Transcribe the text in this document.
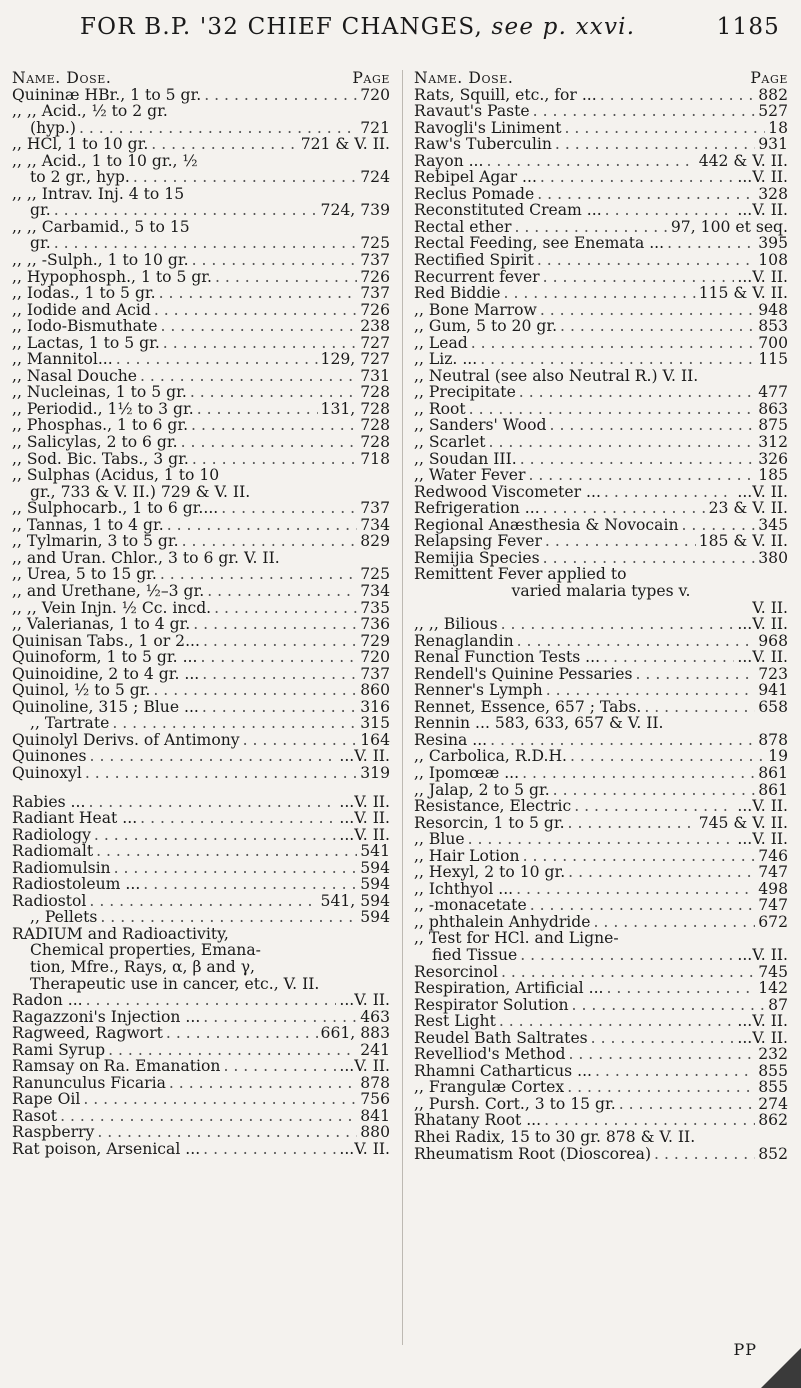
FOR B.P. '32 CHIEF CHANGES, see p. xxvi.	1185
Name. Dose.	Page
Quininæ HBr., 1 to 5 gr. . . .	720
,, ,, Acid., ½ to 2 gr.
(hyp.) . . .	721
,, HCl, 1 to 10 gr. . . .	721 & V. II.
,, ,, Acid., 1 to 10 gr., ½
to 2 gr., hyp. . . .	724
,, ,, Intrav. Inj. 4 to 15
gr. . . .	724, 739
,, ,, Carbamid., 5 to 15
gr. . . .	725
,, ,, -Sulph., 1 to 10 gr. . . .	737
,, Hypophosph., 1 to 5 gr. . . .	726
,, Iodas., 1 to 5 gr. . . .	737
,, Iodide and Acid . . .	726
,, Iodo-Bismuthate . . .	238
,, Lactas, 1 to 5 gr. . . .	727
,, Mannitol... . . .	129, 727
,, Nasal Douche . . .	731
,, Nucleinas, 1 to 5 gr. . . .	728
,, Periodid., 1½ to 3 gr. . . .	131, 728
,, Phosphas., 1 to 6 gr. . . .	728
,, Salicylas, 2 to 6 gr. . . .	728
,, Sod. Bic. Tabs., 3 gr. . . .	718
,, Sulphas (Acidus, 1 to 10
gr., 733 & V. II.) 729 & V. II.
,, Sulphocarb., 1 to 6 gr.... . . .	737
,, Tannas, 1 to 4 gr. . . .	734
,, Tylmarin, 3 to 5 gr. . . .	829
,, and Uran. Chlor., 3 to 6 gr. V. II.
,, Urea, 5 to 15 gr. . . .	725
,, and Urethane, ½–3 gr. . . .	734
,, ,, Vein Injn. ½ Cc. incd. . . .	735
,, Valerianas, 1 to 4 gr. . . .	736
Quinisan Tabs., 1 or 2... . . .	729
Quinoform, 1 to 5 gr. ... . . .	720
Quinoidine, 2 to 4 gr. ... . . .	737
Quinol, ½ to 5 gr. . . .	860
Quinoline, 315 ; Blue ... . . .	316
,, Tartrate . . .	315
Quinolyl Derivs. of Antimony . . .	164
Quinones . . .	...V. II.
Quinoxyl . . .	319
Rabies ... . . .	...V. II.
Radiant Heat ... . . .	...V. II.
Radiology . . .	...V. II.
Radiomalt . . .	541
Radiomulsin . . .	594
Radiostoleum ... . . .	594
Radiostol . . .	541, 594
,, Pellets . . .	594
RADIUM and Radioactivity,
Chemical properties, Emana-
tion, Mfre., Rays, α, β and γ,
Therapeutic use in cancer, etc., V. II.
Radon ... . . .	...V. II.
Ragazzoni's Injection ... . . .	463
Ragweed, Ragwort . . .	661, 883
Rami Syrup . . .	241
Ramsay on Ra. Emanation . . .	...V. II.
Ranunculus Ficaria . . .	878
Rape Oil . . .	756
Rasot . . .	841
Raspberry . . .	880
Rat poison, Arsenical ... . . .	...V. II.
Name. Dose.	Page
Rats, Squill, etc., for ... . . .	882
Ravaut's Paste . . .	527
Ravogli's Liniment . . .	18
Raw's Tuberculin . . .	931
Rayon ... . . .	442 & V. II.
Rebipel Agar ... . . .	...V. II.
Reclus Pomade . . .	328
Reconstituted Cream ... . . .	...V. II.
Rectal ether . . .	97, 100 et seq.
Rectal Feeding, see Enemata ... . . .	395
Rectified Spirit . . .	108
Recurrent fever . . .	...V. II.
Red Biddie . . .	115 & V. II.
,, Bone Marrow . . .	948
,, Gum, 5 to 20 gr. . . .	853
,, Lead . . .	700
,, Liz. ... . . .	115
,, Neutral (see also Neutral R.) V. II.
,, Precipitate . . .	477
,, Root . . .	863
,, Sanders' Wood . . .	875
,, Scarlet . . .	312
,, Soudan III. . . .	326
,, Water Fever . . .	185
Redwood Viscometer ... . . .	...V. II.
Refrigeration ... . . .	23 & V. II.
Regional Anæsthesia & Novocain . . .	345
Relapsing Fever . . .	185 & V. II.
Remijia Species . . .	380
Remittent Fever applied to
varied malaria types v.
V. II.
,, ,, Bilious . . .	...V. II.
Renaglandin . . .	968
Renal Function Tests ... . . .	...V. II.
Rendell's Quinine Pessaries . . .	723
Renner's Lymph . . .	941
Rennet, Essence, 657 ; Tabs. . . .	658
Rennin ... 583, 633, 657 & V. II.
Resina ... . . .	878
,, Carbolica, R.D.H. . . .	19
,, Ipomœæ ... . . .	861
,, Jalap, 2 to 5 gr. . . .	861
Resistance, Electric . . .	...V. II.
Resorcin, 1 to 5 gr. . . .	745 & V. II.
,, Blue . . .	...V. II.
,, Hair Lotion . . .	746
,, Hexyl, 2 to 10 gr. . . .	747
,, Ichthyol ... . . .	498
,, -monacetate . . .	747
,, phthalein Anhydride . . .	672
,, Test for HCl. and Ligne-
fied Tissue . . .	...V. II.
Resorcinol . . .	745
Respiration, Artificial ... . . .	142
Respirator Solution . . .	87
Rest Light . . .	...V. II.
Reudel Bath Saltrates . . .	...V. II.
Revelliod's Method . . .	232
Rhamni Catharticus ... . . .	855
,, Frangulæ Cortex . . .	855
,, Pursh. Cort., 3 to 15 gr. . . .	274
Rhatany Root ... . . .	862
Rhei Radix, 15 to 30 gr. 878 & V. II.
Rheumatism Root (Dioscorea) . . .	852
PP
